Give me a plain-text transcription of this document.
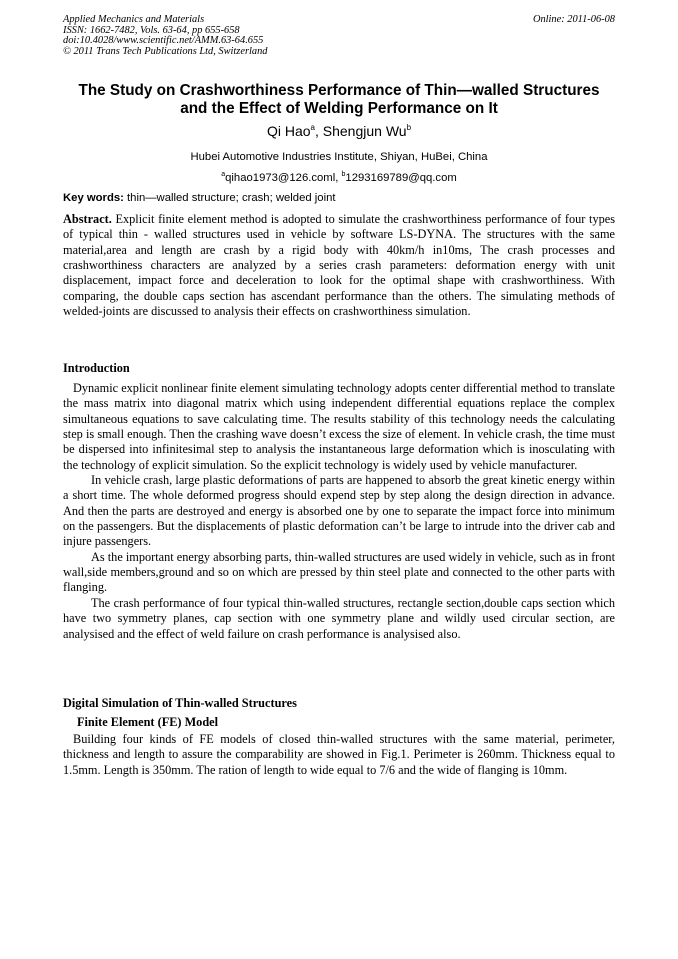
Applied Mechanics and Materials
ISSN: 1662-7482, Vols. 63-64, pp 655-658
doi:10.4028/www.scientific.net/AMM.63-64.655
© 2011 Trans Tech Publications Ltd, Switzerland
Online: 2011-06-08
The Study on Crashworthiness Performance of Thin—walled Structures
and the Effect of Welding Performance on It
Qi Hao$^a$, Shengjun Wu$^b$
Hubei Automotive Industries Institute, Shiyan, HuBei, China
$^a$qihao1973@126.coml, $^b$1293169789@qq.com
Key words: thin—walled structure; crash; welded joint

Abstract. Explicit finite element method is adopted to simulate the crashworthiness performance of four types of typical thin - walled structures used in vehicle by software LS-DYNA. The structures with the same material,area and length are crash by a rigid body with 40km/h in10ms, The crash processes and crashworthiness characters are analyzed by a series crash parameters: deformation energy with unit displacement, impact force and deceleration to look for the optimal shape with crashworthiness. With comparing, the double caps section has ascendant performance than the others. The simulating methods of welded-joints are discussed to analysis their effects on crashworthiness simulation.

Introduction

Dynamic explicit nonlinear finite element simulating technology adopts center differential method to translate the mass matrix into diagonal matrix which using independent differential equations replace the complex simultaneous equations to save calculating time. The results stability of this technology needs the calculating step is small enough. Then the crashing wave doesn’t excess the size of element. In vehicle crash, the time must be dispersed into infinitesimal step to analysis the instantaneous large deformation which is inosculating with the technology of explicit simulation. So the explicit technology is widely used by vehicle manufacturer.

In vehicle crash, large plastic deformations of parts are happened to absorb the great kinetic energy within a short time. The whole deformed progress should expend step by step along the design direction in advance. And then the parts are destroyed and energy is absorbed one by one to separate the impact force into minimum on the passengers. But the displacements of plastic deformation can’t be large to intrude into the driver cab and injure passengers.

As the important energy absorbing parts, thin-walled structures are used widely in vehicle, such as in front wall,side members,ground and so on which are pressed by thin steel plate and connected to the other parts with flanging.

The crash performance of four typical thin-walled structures, rectangle section,double caps section which have two symmetry planes, cap section with one symmetry plane and wildly used circular section, are analysised and the effect of weld failure on crash performance is analysised also.

Digital Simulation of Thin-walled Structures
Finite Element (FE) Model

Building four kinds of FE models of closed thin-walled structures with the same material, perimeter, thickness and length to assure the comparability are showed in Fig.1. Perimeter is 260mm. Thickness equal to 1.5mm. Length is 350mm. The ration of length to wide equal to 7/6 and the wide of flanging is 10mm.
